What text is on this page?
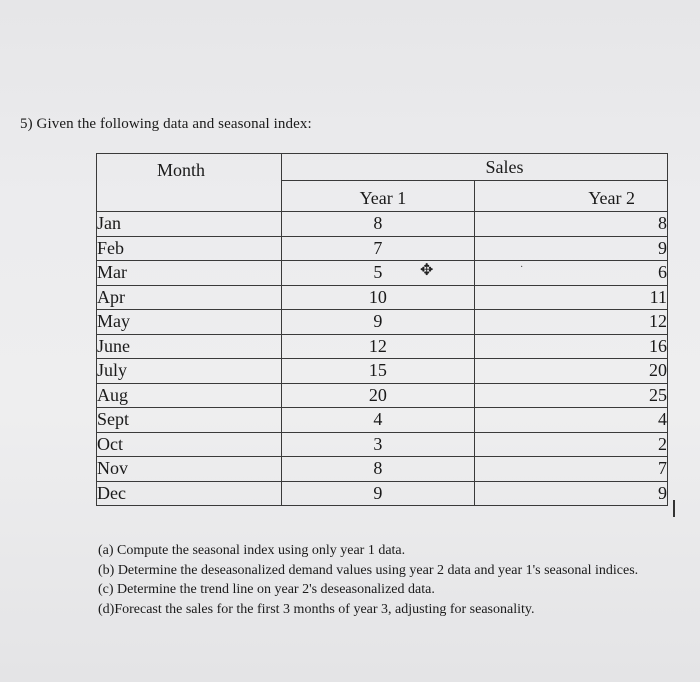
5) Given the following data and seasonal index:
Month	Sales	
	Year 1	Year 2
Jan	8	8
Feb	7	9
Mar	5	6
Apr	10	11
May	9	12
June	12	16
July	15	20
Aug	20	25
Sept	4	4
Oct	3	2
Nov	8	7
Dec	9	9
✥	·
(a) Compute the seasonal index using only year 1 data.
(b) Determine the deseasonalized demand values using year 2 data and year 1's seasonal indices.
(c) Determine the trend line on year 2's deseasonalized data.
(d)Forecast the sales for the first 3 months of year 3, adjusting for seasonality.
